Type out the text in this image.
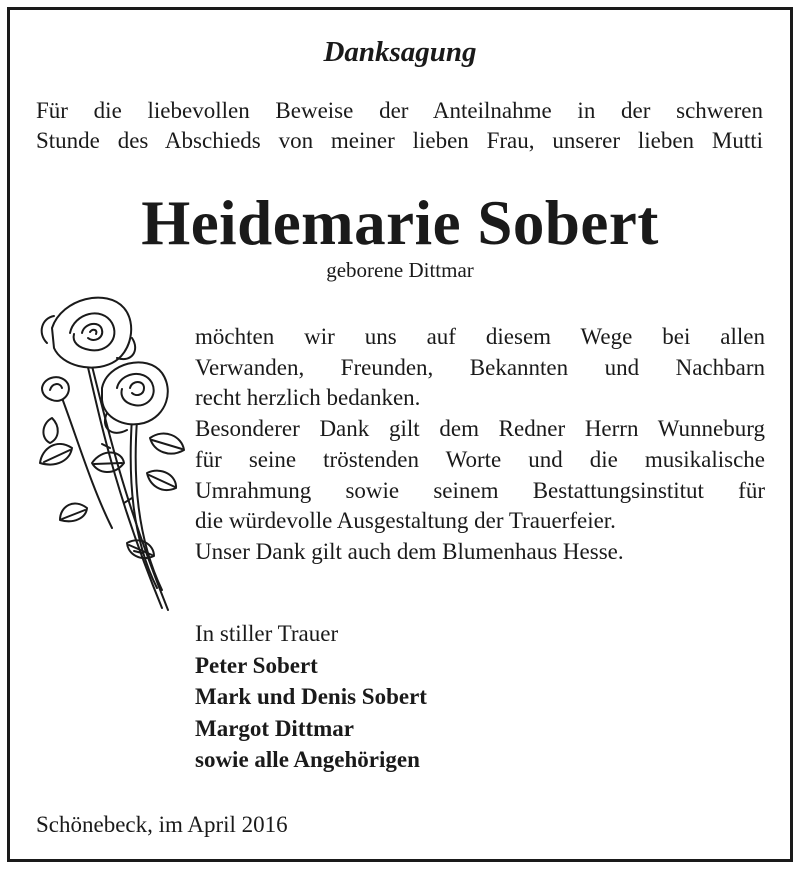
Danksagung
Für die liebevollen Beweise der Anteilnahme in der schweren
Stunde des Abschieds von meiner lieben Frau, unserer lieben Mutti
Heidemarie Sobert
geborene Dittmar
möchten wir uns auf diesem Wege bei allen
Verwanden, Freunden, Bekannten und Nachbarn
recht herzlich bedanken.
Besonderer Dank gilt dem Redner Herrn Wunneburg
für seine tröstenden Worte und die musikalische
Umrahmung sowie seinem Bestattungsinstitut für
die würdevolle Ausgestaltung der Trauerfeier.
Unser Dank gilt auch dem Blumenhaus Hesse.
In stiller Trauer
Peter Sobert
Mark und Denis Sobert
Margot Dittmar
sowie alle Angehörigen
Schönebeck, im April 2016
